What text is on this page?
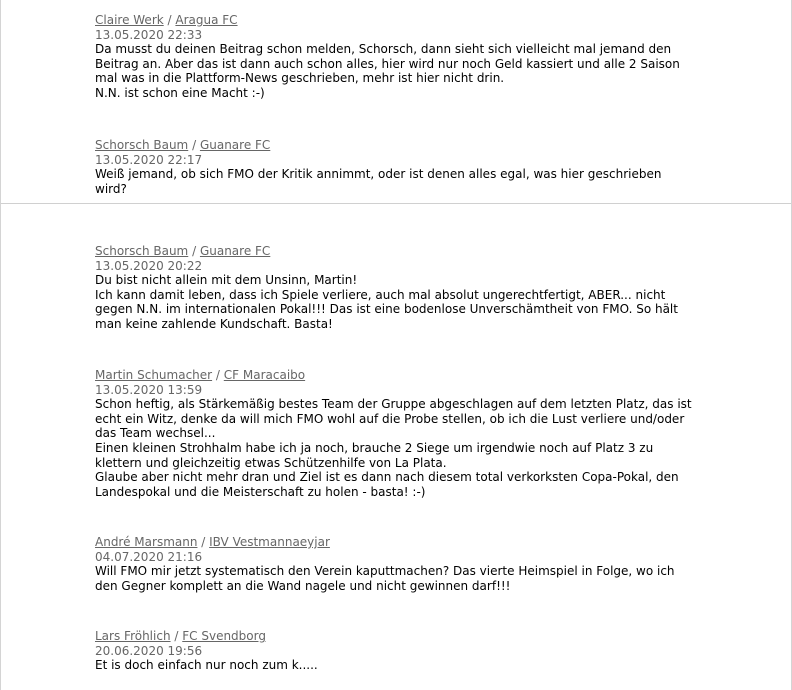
Claire Werk / Aragua FC
13.05.2020 22:33

Da musst du deinen Beitrag schon melden, Schorsch, dann sieht sich vielleicht mal jemand den

Beitrag an. Aber das ist dann auch schon alles, hier wird nur noch Geld kassiert und alle 2 Saison

mal was in die Plattform-News geschrieben, mehr ist hier nicht drin.

N.N. ist schon eine Macht :-)

Schorsch Baum / Guanare FC
13.05.2020 22:17

Weiß jemand, ob sich FMO der Kritik annimmt, oder ist denen alles egal, was hier geschrieben

wird?

Schorsch Baum / Guanare FC
13.05.2020 20:22

Du bist nicht allein mit dem Unsinn, Martin!

Ich kann damit leben, dass ich Spiele verliere, auch mal absolut ungerechtfertigt, ABER... nicht

gegen N.N. im internationalen Pokal!!! Das ist eine bodenlose Unverschämtheit von FMO. So hält

man keine zahlende Kundschaft. Basta!

Martin Schumacher / CF Maracaibo
13.05.2020 13:59

Schon heftig, als Stärkemäßig bestes Team der Gruppe abgeschlagen auf dem letzten Platz, das ist

echt ein Witz, denke da will mich FMO wohl auf die Probe stellen, ob ich die Lust verliere und/oder

das Team wechsel...

Einen kleinen Strohhalm habe ich ja noch, brauche 2 Siege um irgendwie noch auf Platz 3 zu

klettern und gleichzeitig etwas Schützenhilfe von La Plata.

Glaube aber nicht mehr dran und Ziel ist es dann nach diesem total verkorksten Copa-Pokal, den

Landespokal und die Meisterschaft zu holen - basta! :-)

André Marsmann / IBV Vestmannaeyjar
04.07.2020 21:16

Will FMO mir jetzt systematisch den Verein kaputtmachen? Das vierte Heimspiel in Folge, wo ich

den Gegner komplett an die Wand nagele und nicht gewinnen darf!!!

Lars Fröhlich / FC Svendborg
20.06.2020 19:56

Et is doch einfach nur noch zum k.....
